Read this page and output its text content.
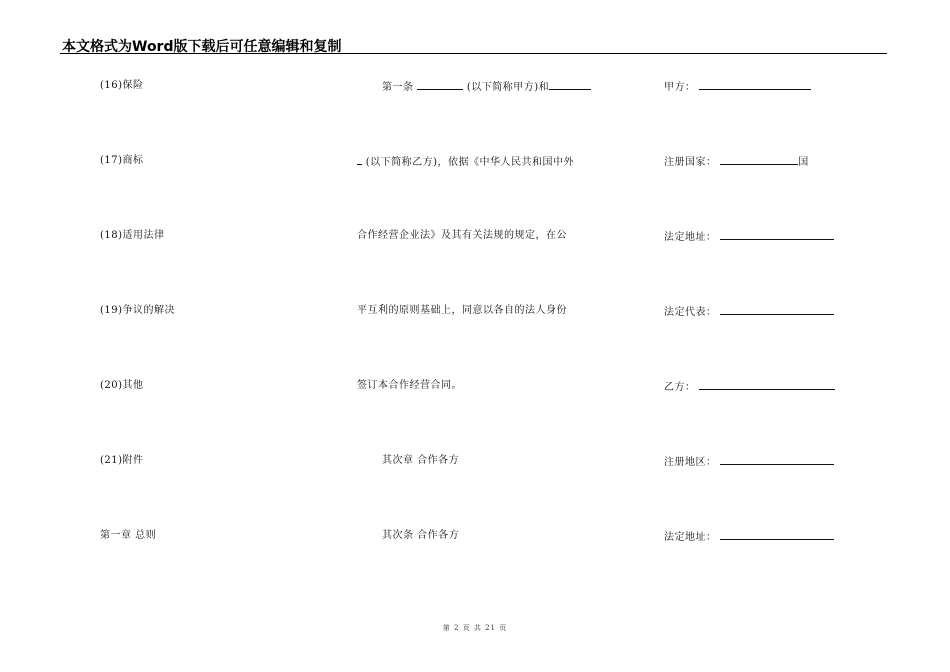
本文格式为Word版下载后可任意编辑和复制
(16)保险
(17)商标
(18)适用法律
(19)争议的解决
(20)其他
(21)附件
第一章 总则
第一条	(以下简称甲方)和
(以下简称乙方)，依据《中华人民共和国中外
合作经营企业法》及其有关法规的规定，在公
平互利的原则基础上，同意以各自的法人身份
签订本合作经营合同。
其次章 合作各方
其次条 合作各方
甲方：
注册国家：	国
法定地址：
法定代表：
乙方：
注册地区：
法定地址：
第 2 页 共 21 页
